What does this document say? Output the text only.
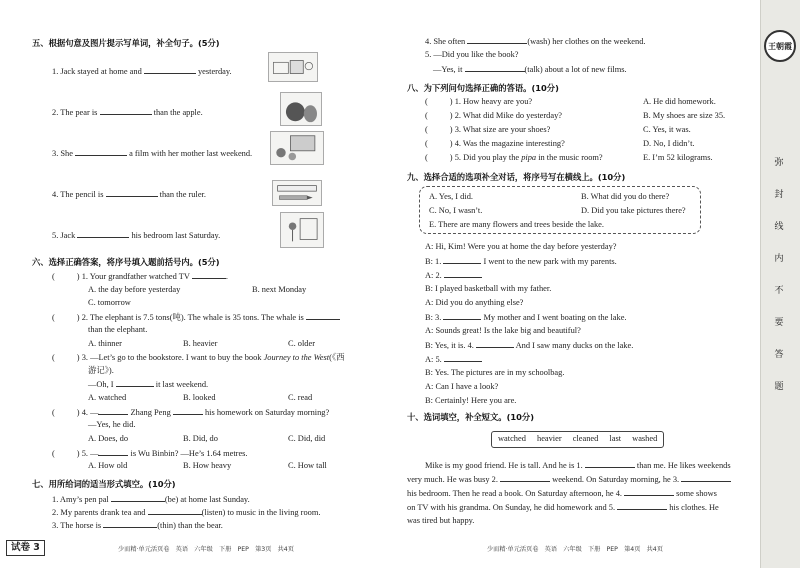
五、根据句意及图片提示写单词，补全句子。(5分)
1. Jack stayed at home and	yesterday.
2. The pear is	than the apple.
3. She	a film with her mother last weekend.
4. The pencil is	than the ruler.
5. Jack	his bedroom last Saturday.
六、选择正确答案，将序号填入题前括号内。(5分)
(	) 1. Your grandfather watched TV	.
A. the day before yesterday	B. next Monday
C. tomorrow
(	) 2. The elephant is 7.5 tons(吨). The whale is 35 tons. The whale is
than the elephant.
A. thinner	B. heavier	C. older
(	) 3. —Let’s go to the bookstore. I want to buy the book Journey to the West(《西
游记》).
—Oh, I	it last weekend.
A. watched	B. looked	C. read
(	) 4. —	Zhang Peng	his homework on Saturday morning?
—Yes, he did.
A. Does, do	B. Did, do	C. Did, did
(	) 5. —	is Wu Binbin? —He’s 1.64 metres.
A. How old	B. How heavy	C. How tall
七、用所给词的适当形式填空。(10分)
1. Amy’s pen pal	(be) at home last Sunday.
2. My parents drank tea and	(listen) to music in the living room.
3. The horse is	(thin) than the bear.
试卷 3	少而精·单元活页卷　英语　六年级　下册　PEP　第3页　共4页
4. She often	(wash) her clothes on the weekend.
5. —Did you like the book?
—Yes, it	(talk) about a lot of new films.
八、为下列问句选择正确的答语。(10分)
(	) 1. How heavy are you?	A. He did homework.
(	) 2. What did Mike do yesterday?	B. My shoes are size 35.
(	) 3. What size are your shoes?	C. Yes, it was.
(	) 4. Was the magazine interesting?	D. No, I didn’t.
(	) 5. Did you play the pipa in the music room?	E. I’m 52 kilograms.
九、选择合适的选项补全对话，将序号写在横线上。(10分)
A. Yes, I did.	B. What did you do there?
C. No, I wasn’t.	D. Did you take pictures there?
E. There are many flowers and trees beside the lake.
A: Hi, Kim! Were you at home the day before yesterday?
B: 1.	I went to the new park with my parents.
A: 2.
B: I played basketball with my father.
A: Did you do anything else?
B: 3.	My mother and I went boating on the lake.
A: Sounds great! Is the lake big and beautiful?
B: Yes, it is. 4.	And I saw many ducks on the lake.
A: 5.
B: Yes. The pictures are in my schoolbag.
A: Can I have a look?
B: Certainly! Here you are.
十、选词填空，补全短文。(10分)
watched heavier cleaned last washed
Mike is my good friend. He is tall. And he is 1.	than me. He likes weekends
very much. He was busy 2.	weekend. On Saturday morning, he 3.
his bedroom. Then he read a book. On Saturday afternoon, he 4.	some shows
on TV with his grandma. On Sunday, he did homework and 5.	his clothes. He
was tired but happy.
少而精·单元活页卷　英语　六年级　下册　PEP　第4页　共4页
王朝霞
弥
封
线
内
不
要
答
题
